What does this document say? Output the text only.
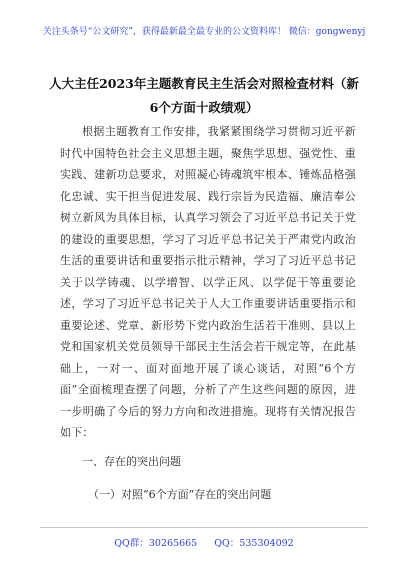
关注头条号“公文研究”，获得最新最全最专业的公文资料库！ 微信：gongwenyj
人大主任2023年主题教育民主生活会对照检查材料（新6个方面十政绩观）
根据主题教育工作安排，我紧紧围绕学习贯彻习近平新时代中国特色社会主义思想主题，聚焦学思想、强党性、重实践、建新功总要求，对照凝心铸魂筑牢根本、锤炼品格强化忠诚、实干担当促进发展、践行宗旨为民造福、廉洁奉公树立新风为具体目标，认真学习领会了习近平总书记关于党的建设的重要思想，学习了习近平总书记关于严肃党内政治生活的重要讲话和重要指示批示精神，学习了习近平总书记关于以学铸魂、以学增智、以学正风、以学促干等重要论述，学习了习近平总书记关于人大工作重要讲话重要指示和重要论述、党章、新形势下党内政治生活若干准则、县以上党和国家机关党员领导干部民主生活会若干规定等，在此基础上，一对一、面对面地开展了谈心谈话，对照“6个方面”全面梳理查摆了问题，分析了产生这些问题的原因，进一步明确了今后的努力方向和改进措施。现将有关情况报告如下：
一、存在的突出问题
（一）对照“6个方面”存在的突出问题
QQ群：30265665 QQ：535304092
